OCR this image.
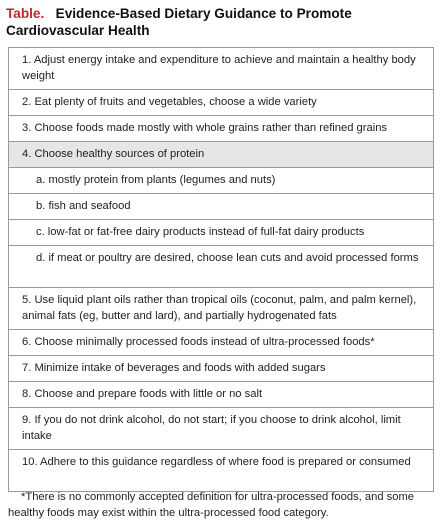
Table. Evidence-Based Dietary Guidance to Promote Cardiovascular Health
1. Adjust energy intake and expenditure to achieve and maintain a healthy body weight
2. Eat plenty of fruits and vegetables, choose a wide variety
3. Choose foods made mostly with whole grains rather than refined grains
4. Choose healthy sources of protein
a. mostly protein from plants (legumes and nuts)
b. fish and seafood
c. low-fat or fat-free dairy products instead of full-fat dairy products
d. if meat or poultry are desired, choose lean cuts and avoid processed forms
5. Use liquid plant oils rather than tropical oils (coconut, palm, and palm kernel), animal fats (eg, butter and lard), and partially hydrogenated fats
6. Choose minimally processed foods instead of ultra-processed foods*
7. Minimize intake of beverages and foods with added sugars
8. Choose and prepare foods with little or no salt
9. If you do not drink alcohol, do not start; if you choose to drink alcohol, limit intake
10. Adhere to this guidance regardless of where food is prepared or consumed
*There is no commonly accepted definition for ultra-processed foods, and some healthy foods may exist within the ultra-processed food category.
